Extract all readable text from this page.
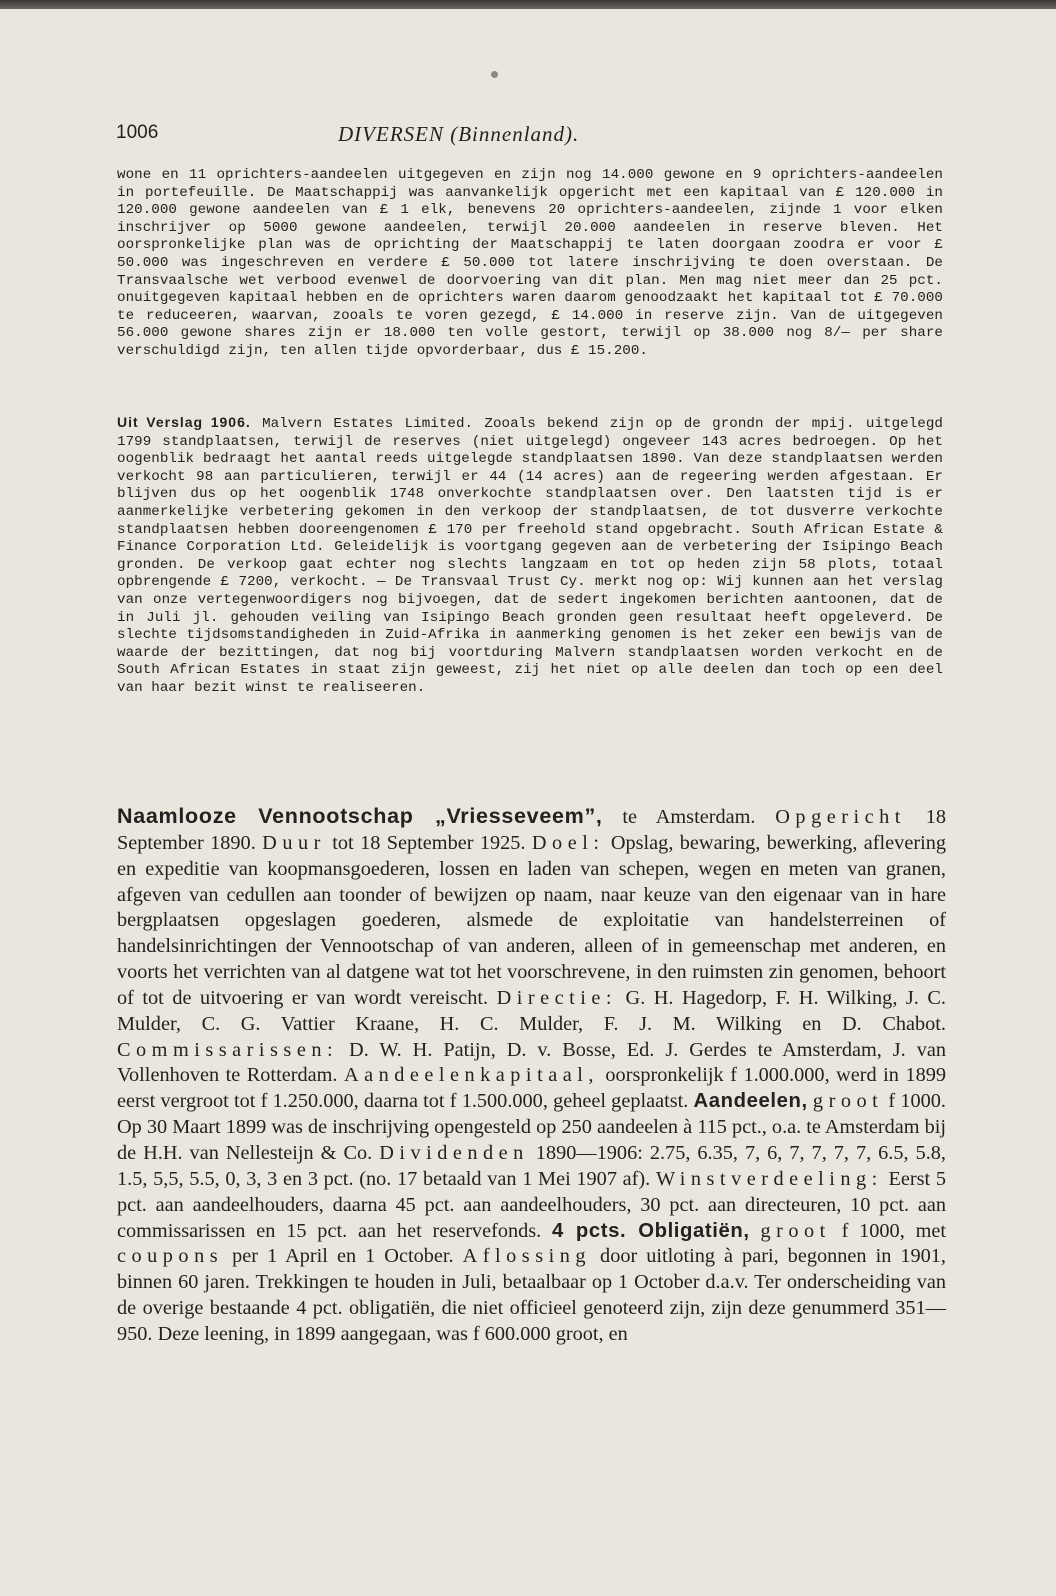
1006	DIVERSEN (Binnenland).

wone en 11 oprichters-aandeelen uitgegeven en zijn nog 14.000 gewone en 9 oprichters-aandeelen in portefeuille. De Maatschappij was aanvankelijk opgericht met een kapitaal van £ 120.000 in 120.000 gewone aandeelen van £ 1 elk, benevens 20 oprichters-aandeelen, zijnde 1 voor elken inschrijver op 5000 gewone aandeelen, terwijl 20.000 aandeelen in reserve bleven. Het oorspronkelijke plan was de oprichting der Maatschappij te laten doorgaan zoodra er voor £ 50.000 was ingeschreven en verdere £ 50.000 tot latere inschrijving te doen overstaan. De Transvaalsche wet verbood evenwel de doorvoering van dit plan. Men mag niet meer dan 25 pct. onuitgegeven kapitaal hebben en de oprichters waren daarom genoodzaakt het kapitaal tot £ 70.000 te reduceeren, waarvan, zooals te voren gezegd, £ 14.000 in reserve zijn. Van de uitgegeven 56.000 gewone shares zijn er 18.000 ten volle gestort, terwijl op 38.000 nog 8/— per share verschuldigd zijn, ten allen tijde opvorderbaar, dus £ 15.200.

Uit Verslag 1906. Malvern Estates Limited. Zooals bekend zijn op de grondn der mpij. uitgelegd 1799 standplaatsen, terwijl de reserves (niet uitgelegd) ongeveer 143 acres bedroegen. Op het oogenblik bedraagt het aantal reeds uitgelegde standplaatsen 1890. Van deze standplaatsen werden verkocht 98 aan particulieren, terwijl er 44 (14 acres) aan de regeering werden afgestaan. Er blijven dus op het oogenblik 1748 onverkochte standplaatsen over. Den laatsten tijd is er aanmerkelijke verbetering gekomen in den verkoop der standplaatsen, de tot dusverre verkochte standplaatsen hebben dooreengenomen £ 170 per freehold stand opgebracht. South African Estate & Finance Corporation Ltd. Geleidelijk is voortgang gegeven aan de verbetering der Isipingo Beach gronden. De verkoop gaat echter nog slechts langzaam en tot op heden zijn 58 plots, totaal opbrengende £ 7200, verkocht. — De Transvaal Trust Cy. merkt nog op: Wij kunnen aan het verslag van onze vertegenwoordigers nog bijvoegen, dat de sedert ingekomen berichten aantoonen, dat de in Juli jl. gehouden veiling van Isipingo Beach gronden geen resultaat heeft opgeleverd. De slechte tijdsomstandigheden in Zuid-Afrika in aanmerking genomen is het zeker een bewijs van de waarde der bezittingen, dat nog bij voortduring Malvern standplaatsen worden verkocht en de South African Estates in staat zijn geweest, zij het niet op alle deelen dan toch op een deel van haar bezit winst te realiseeren.

Naamlooze Vennootschap „Vriesseveem”, te Amsterdam. Opgericht 18 September 1890. Duur tot 18 September 1925. Doel: Opslag, bewaring, bewerking, aflevering en expeditie van koopmansgoederen, lossen en laden van schepen, wegen en meten van granen, afgeven van cedullen aan toonder of bewijzen op naam, naar keuze van den eigenaar van in hare bergplaatsen opgeslagen goederen, alsmede de exploitatie van handelsterreinen of handelsinrichtingen der Vennootschap of van anderen, alleen of in gemeenschap met anderen, en voorts het verrichten van al datgene wat tot het voorschrevene, in den ruimsten zin genomen, behoort of tot de uitvoering er van wordt vereischt. Directie: G. H. Hagedorp, F. H. Wilking, J. C. Mulder, C. G. Vattier Kraane, H. C. Mulder, F. J. M. Wilking en D. Chabot. Commissarissen: D. W. H. Patijn, D. v. Bosse, Ed. J. Gerdes te Amsterdam, J. van Vollenhoven te Rotterdam. Aandeelenkapitaal, oorspronkelijk f 1.000.000, werd in 1899 eerst vergroot tot f 1.250.000, daarna tot f 1.500.000, geheel geplaatst. Aandeelen, groot f 1000. Op 30 Maart 1899 was de inschrijving opengesteld op 250 aandeelen à 115 pct., o.a. te Amsterdam bij de H.H. van Nellesteijn & Co. Dividenden 1890—1906: 2.75, 6.35, 7, 6, 7, 7, 7, 7, 6.5, 5.8, 1.5, 5,5, 5.5, 0, 3, 3 en 3 pct. (no. 17 betaald van 1 Mei 1907 af). Winstverdeeling: Eerst 5 pct. aan aandeelhouders, daarna 45 pct. aan aandeelhouders, 30 pct. aan directeuren, 10 pct. aan commissarissen en 15 pct. aan het reservefonds. 4 pcts. Obligatiën, groot f 1000, met coupons per 1 April en 1 October. Aflossing door uitloting à pari, begonnen in 1901, binnen 60 jaren. Trekkingen te houden in Juli, betaalbaar op 1 October d.a.v. Ter onderscheiding van de overige bestaande 4 pct. obligatiën, die niet officieel genoteerd zijn, zijn deze genummerd 351—950. Deze leening, in 1899 aangegaan, was f 600.000 groot, en
